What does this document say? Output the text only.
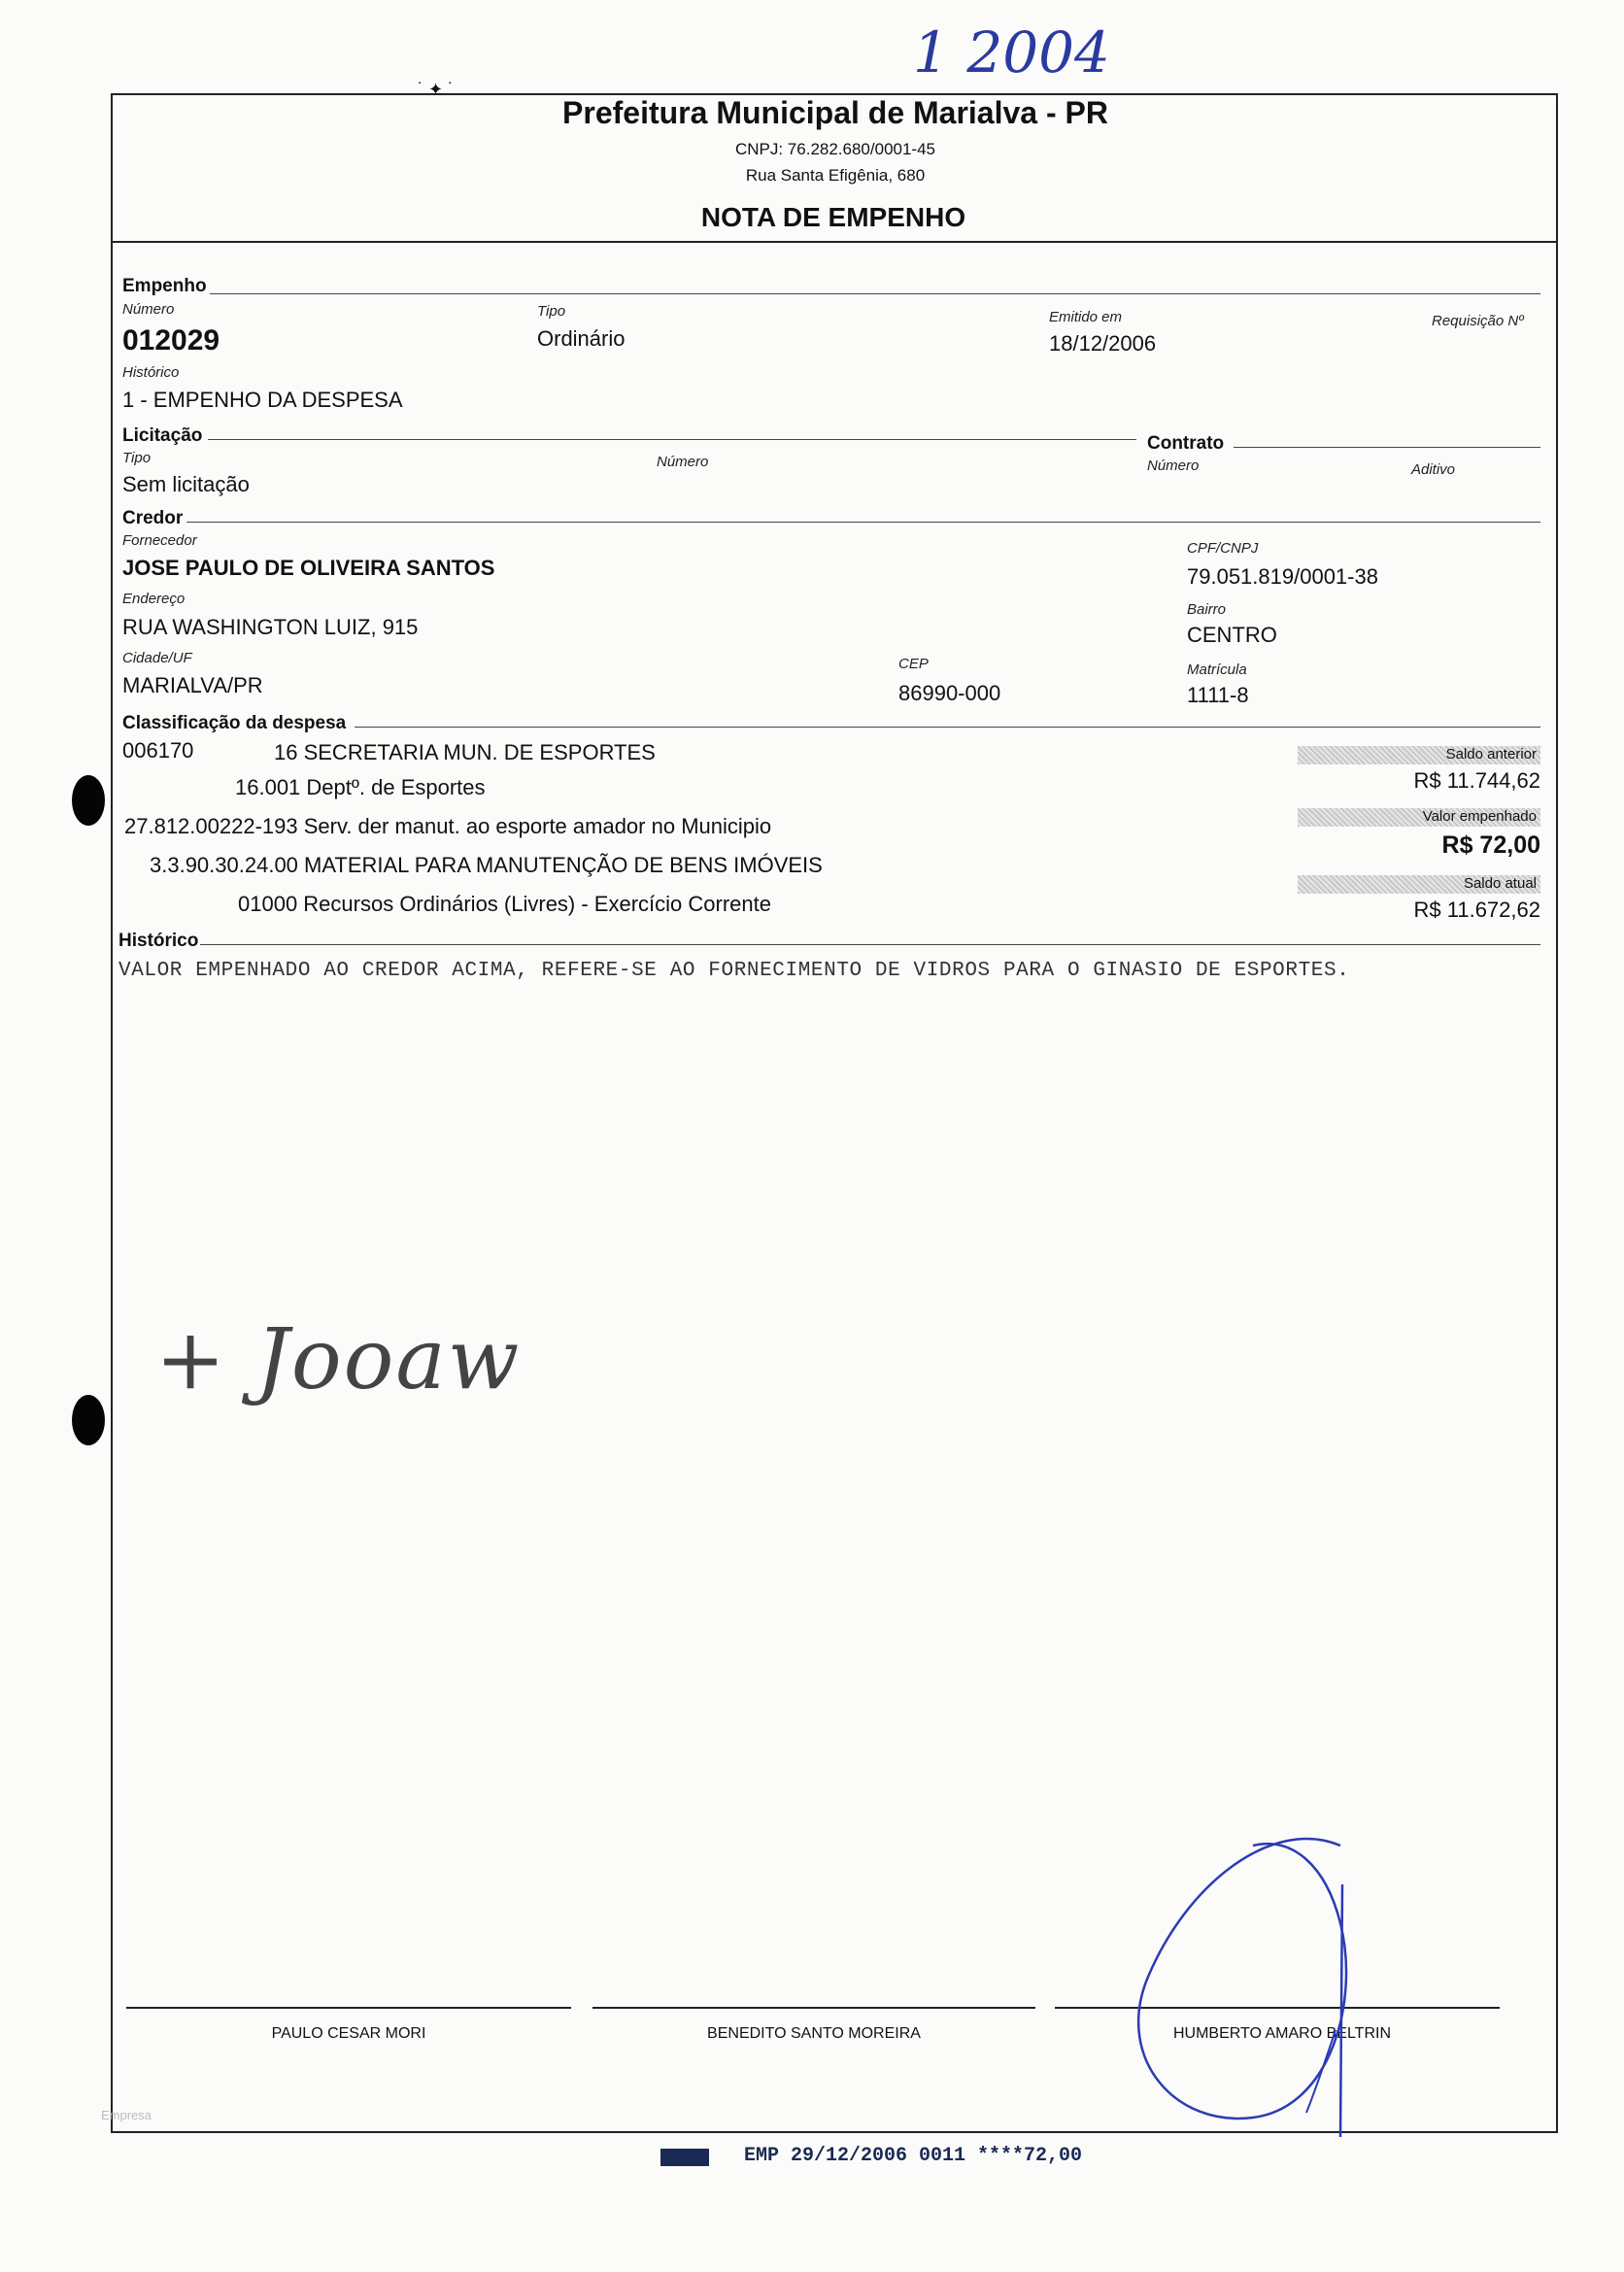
1 2004
˙ ✦ ˙
Prefeitura Municipal de Marialva - PR
CNPJ: 76.282.680/0001-45
Rua Santa Efigênia, 680
NOTA DE EMPENHO
Empenho
Número
012029
Tipo
Ordinário
Emitido em
18/12/2006
Requisição Nº
Histórico
1 - EMPENHO DA DESPESA
Licitação
Tipo
Sem licitação
Número
Contrato
Número	Aditivo
Credor
Fornecedor
JOSE PAULO DE OLIVEIRA SANTOS
CPF/CNPJ
79.051.819/0001-38
Endereço
RUA WASHINGTON LUIZ, 915
Bairro
CENTRO
Cidade/UF
MARIALVA/PR
CEP
86990-000
Matrícula
1111-8
Classificação da despesa
006170	16 SECRETARIA MUN. DE ESPORTES
16.001 Deptº. de Esportes
27.812.00222-193 Serv. der manut. ao esporte amador no Municipio
3.3.90.30.24.00 MATERIAL PARA MANUTENÇÃO DE BENS IMÓVEIS
01000 Recursos Ordinários (Livres) - Exercício Corrente
Saldo anterior
R$ 11.744,62
Valor empenhado
R$ 72,00
Saldo atual
R$ 11.672,62
Histórico
VALOR EMPENHADO AO CREDOR ACIMA, REFERE-SE AO FORNECIMENTO DE VIDROS PARA O GINASIO DE ESPORTES.
+ Jooaw
PAULO CESAR MORI	BENEDITO SANTO MOREIRA	HUMBERTO AMARO BELTRIN
Empresa
EMP 29/12/2006 0011 ****72,00
